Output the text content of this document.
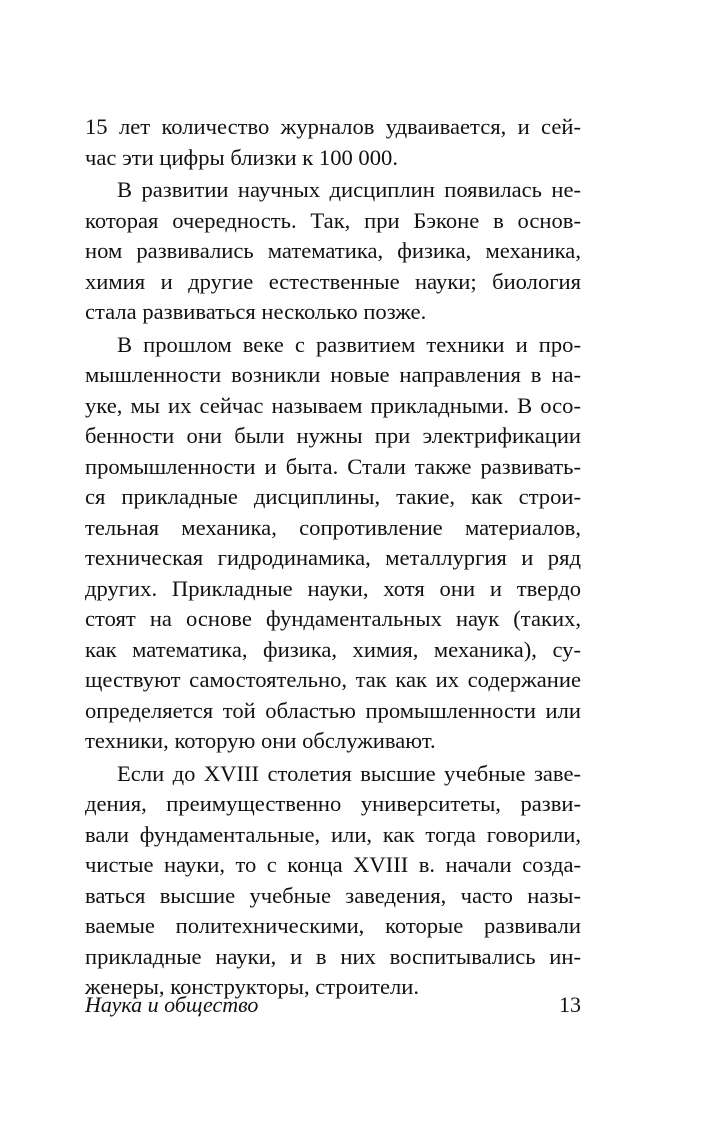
15 лет количество журналов удваивается, и сей-
час эти цифры близки к 100 000.
В развитии научных дисциплин появилась не-
которая очередность. Так, при Бэконе в основ-
ном развивались математика, физика, механика,
химия и другие естественные науки; биология
стала развиваться несколько позже.
В прошлом веке с развитием техники и про-
мышленности возникли новые направления в на-
уке, мы их сейчас называем прикладными. В осо-
бенности они были нужны при электрификации
промышленности и быта. Стали также развивать-
ся прикладные дисциплины, такие, как строи-
тельная механика, сопротивление материалов,
техническая гидродинамика, металлургия и ряд
других. Прикладные науки, хотя они и твердо
стоят на основе фундаментальных наук (таких,
как математика, физика, химия, механика), су-
ществуют самостоятельно, так как их содержание
определяется той областью промышленности или
техники, которую они обслуживают.
Если до XVIII столетия высшие учебные заве-
дения, преимущественно университеты, разви-
вали фундаментальные, или, как тогда говорили,
чистые науки, то с конца XVIII в. начали созда-
ваться высшие учебные заведения, часто назы-
ваемые политехническими, которые развивали
прикладные науки, и в них воспитывались ин-
женеры, конструкторы, строители.
Наука и общество	13
